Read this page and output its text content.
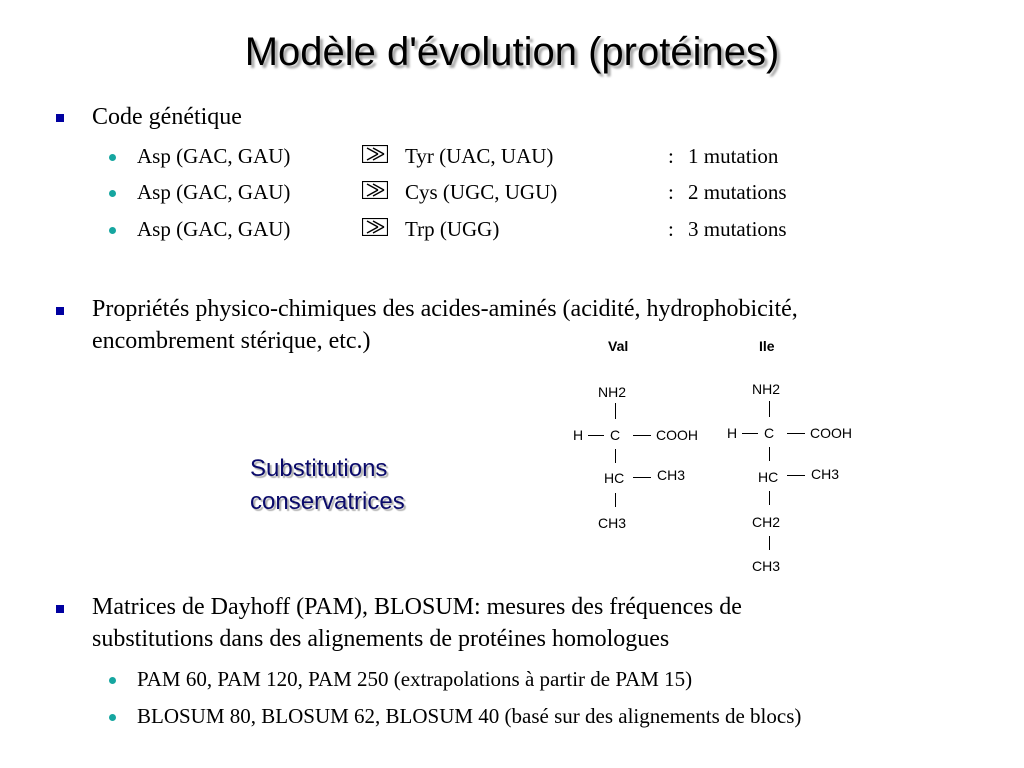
Modèle d'évolution (protéines)
Code génétique
Asp (GAC, GAU)	Tyr (UAC, UAU)	: 1 mutation
Asp (GAC, GAU)	Cys (UGC, UGU)	: 2 mutations
Asp (GAC, GAU)	Trp (UGG)	: 3 mutations
Propriétés physico-chimiques des acides-aminés (acidité, hydrophobicité,
encombrement stérique, etc.)
Substitutions
conservatrices
Val
NH2
H C	COOH
HC CH3
CH3
Ile
NH2
H C	COOH
HC CH3
CH2
CH3
Matrices de Dayhoff (PAM), BLOSUM: mesures des fréquences de
substitutions dans des alignements de protéines homologues
PAM 60, PAM 120, PAM 250 (extrapolations à partir de PAM 15)
BLOSUM 80, BLOSUM 62, BLOSUM 40 (basé sur des alignements de blocs)
